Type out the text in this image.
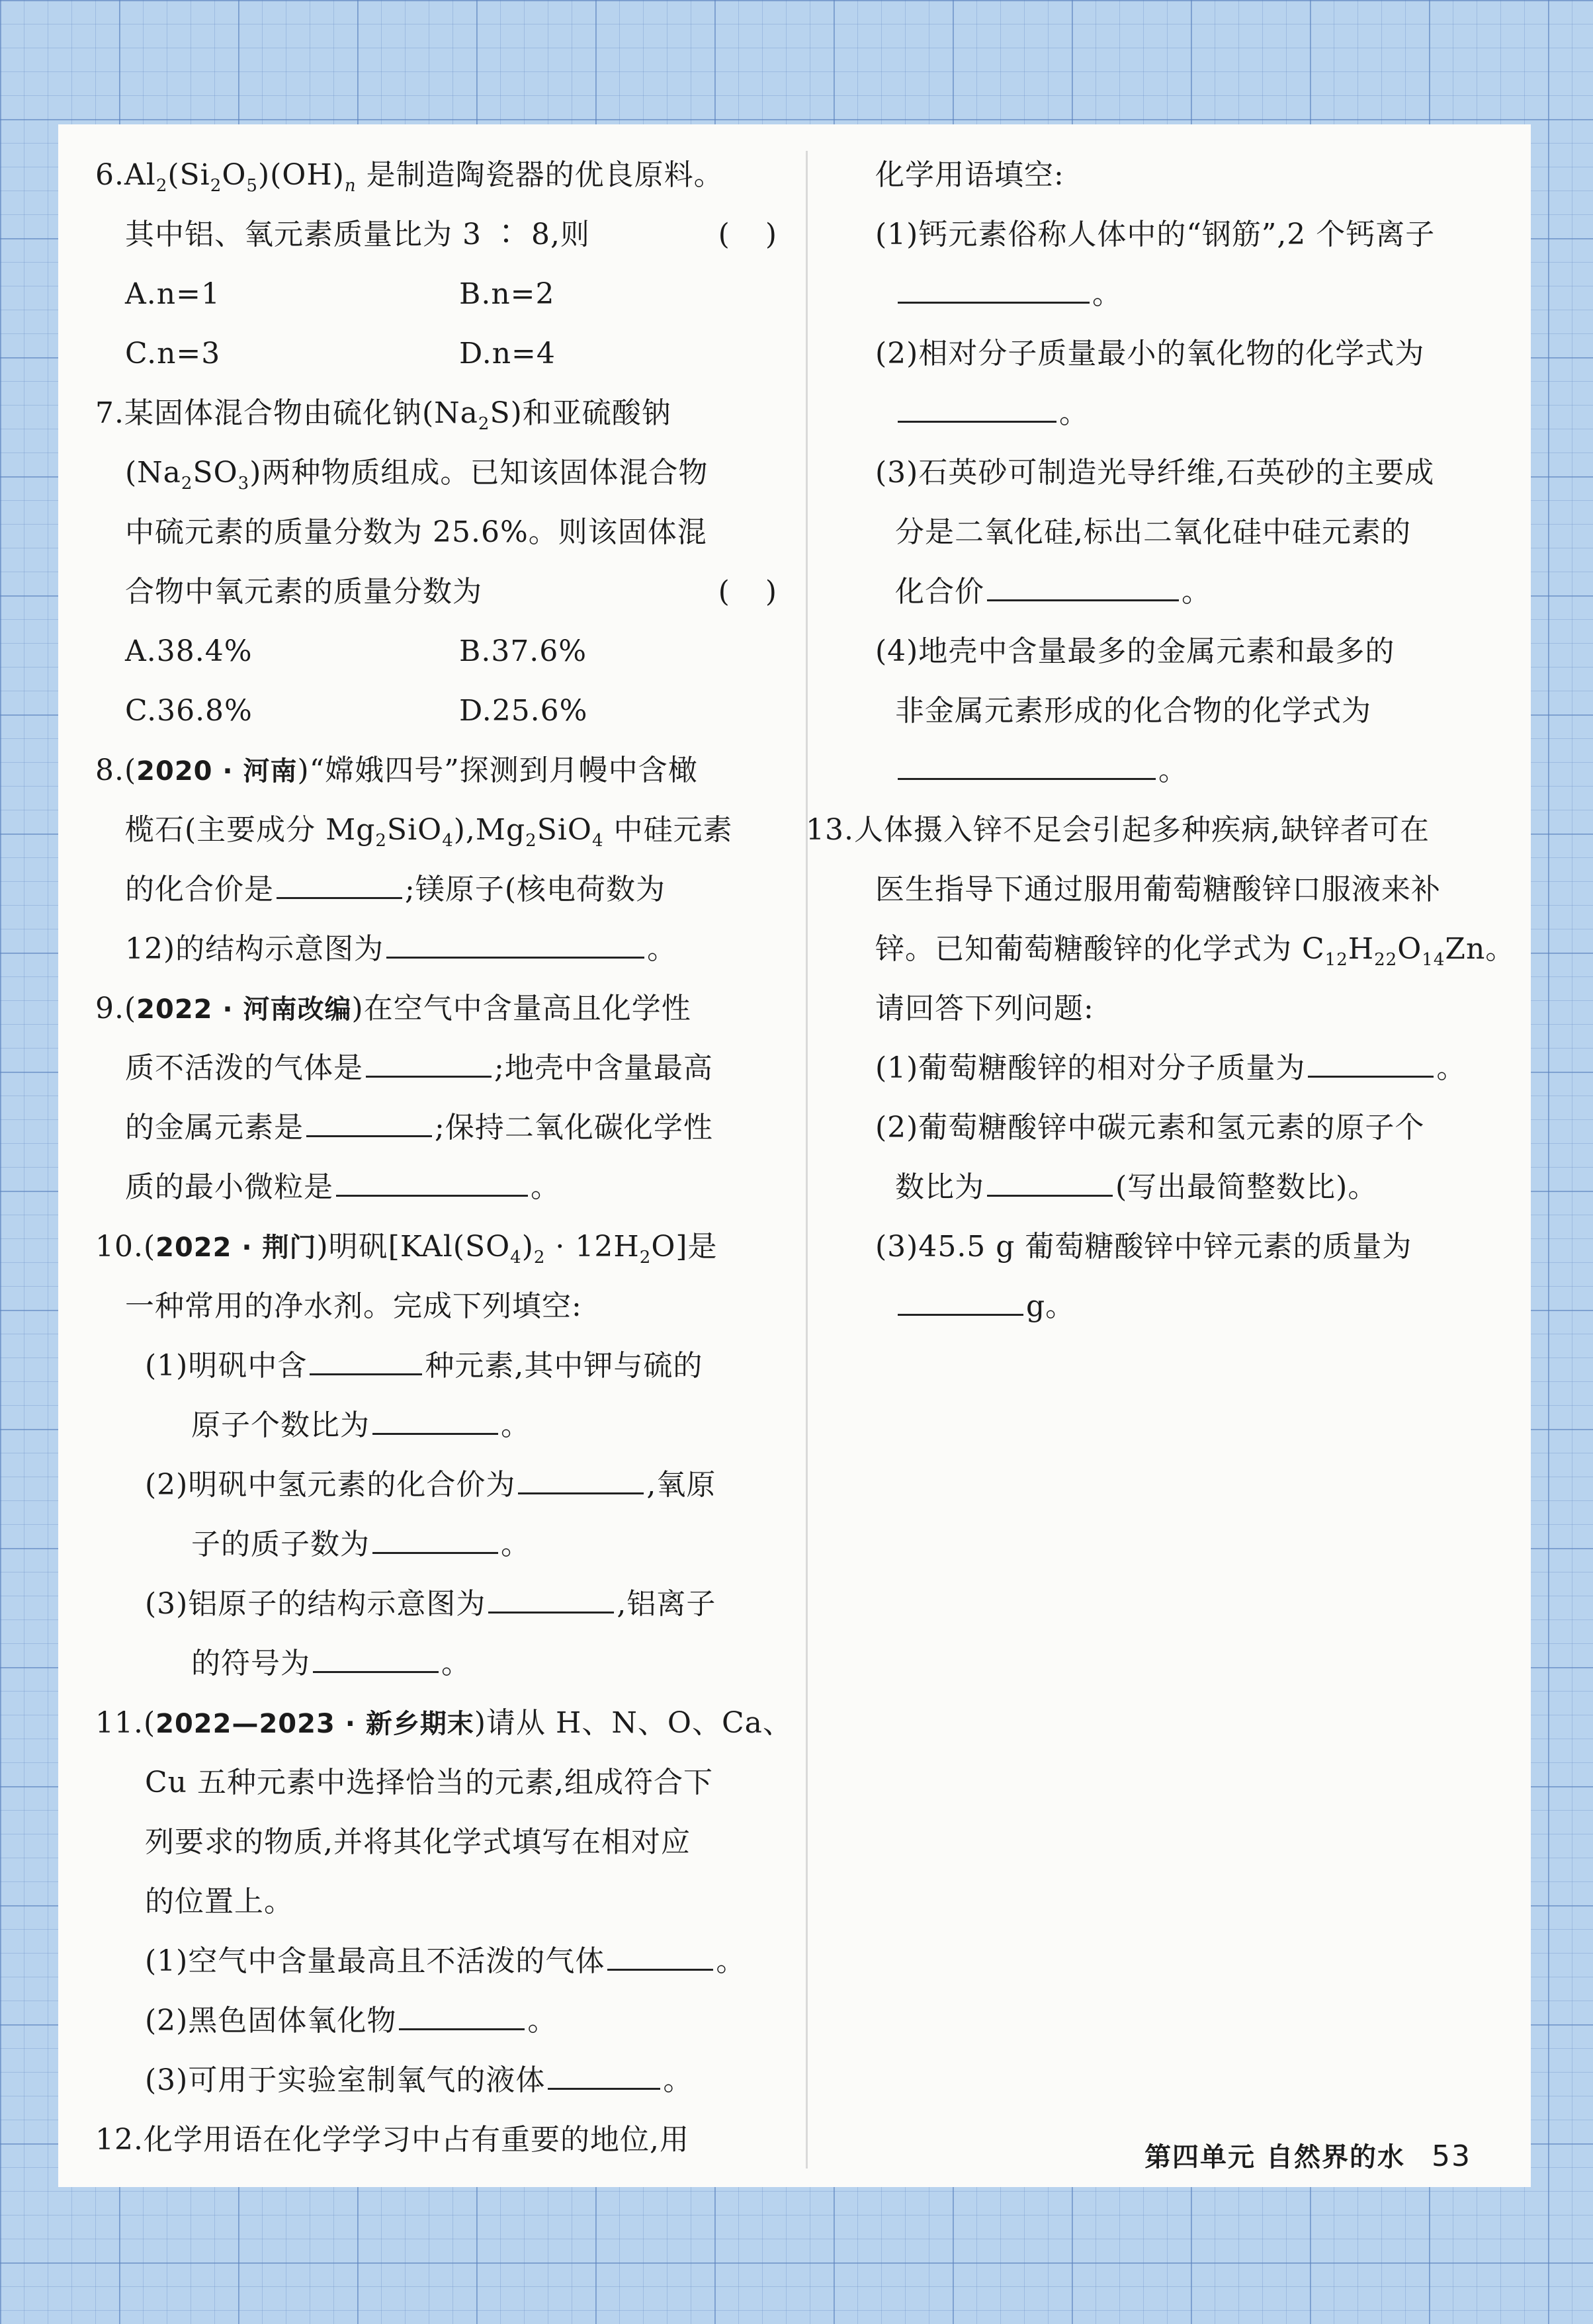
$6.Al_2(Si_2O_5)(OH)_n$ 是制造陶瓷器的优良原料。
其中铝、氧元素质量比为 3 ∶ 8,则	( )
A.n=1	B.n=2
C.n=3	D.n=4
7.某固体混合物由硫化钠$(Na_2S)$和亚硫酸钠
$(Na_2SO_3)$两种物质组成。已知该固体混合物
中硫元素的质量分数为 25.6%。则该固体混
合物中氧元素的质量分数为	( )
A.38.4%	B.37.6%
C.36.8%	D.25.6%
8.(2020 · 河南)“嫦娥四号”探测到月幔中含橄
榄石(主要成分 $Mg_2SiO_4),Mg_2SiO_4$ 中硅元素
的化合价是	;镁原子(核电荷数为
12)的结构示意图为	。
9.(2022 · 河南改编)在空气中含量高且化学性
质不活泼的气体是	;地壳中含量最高
的金属元素是	;保持二氧化碳化学性
质的最小微粒是	。
10.(2022 · 荆门)明矾$[KAl(SO_4)_2 \cdot 12H_2O]$是
一种常用的净水剂。完成下列填空:
(1)明矾中含	种元素,其中钾与硫的
原子个数比为	。
(2)明矾中氢元素的化合价为	,氧原
子的质子数为	。
(3)铝原子的结构示意图为	,铝离子
的符号为	。
11.(2022—2023 · 新乡期末)请从 H、N、O、Ca、
Cu 五种元素中选择恰当的元素,组成符合下
列要求的物质,并将其化学式填写在相对应
的位置上。
(1)空气中含量最高且不活泼的气体	。
(2)黑色固体氧化物	。
(3)可用于实验室制氧气的液体	。
12.化学用语在化学学习中占有重要的地位,用
化学用语填空:
(1)钙元素俗称人体中的“钢筋”,2 个钙离子
。
(2)相对分子质量最小的氧化物的化学式为
。
(3)石英砂可制造光导纤维,石英砂的主要成
分是二氧化硅,标出二氧化硅中硅元素的
化合价	。
(4)地壳中含量最多的金属元素和最多的
非金属元素形成的化合物的化学式为
。
13.人体摄入锌不足会引起多种疾病,缺锌者可在
医生指导下通过服用葡萄糖酸锌口服液来补
锌。已知葡萄糖酸锌的化学式为 $C_{12}H_{22}O_{14}Zn$。
请回答下列问题:
(1)葡萄糖酸锌的相对分子质量为	。
(2)葡萄糖酸锌中碳元素和氢元素的原子个
数比为	(写出最简整数比)。
(3)45.5 g 葡萄糖酸锌中锌元素的质量为
g。
第四单元 自然界的水 53
